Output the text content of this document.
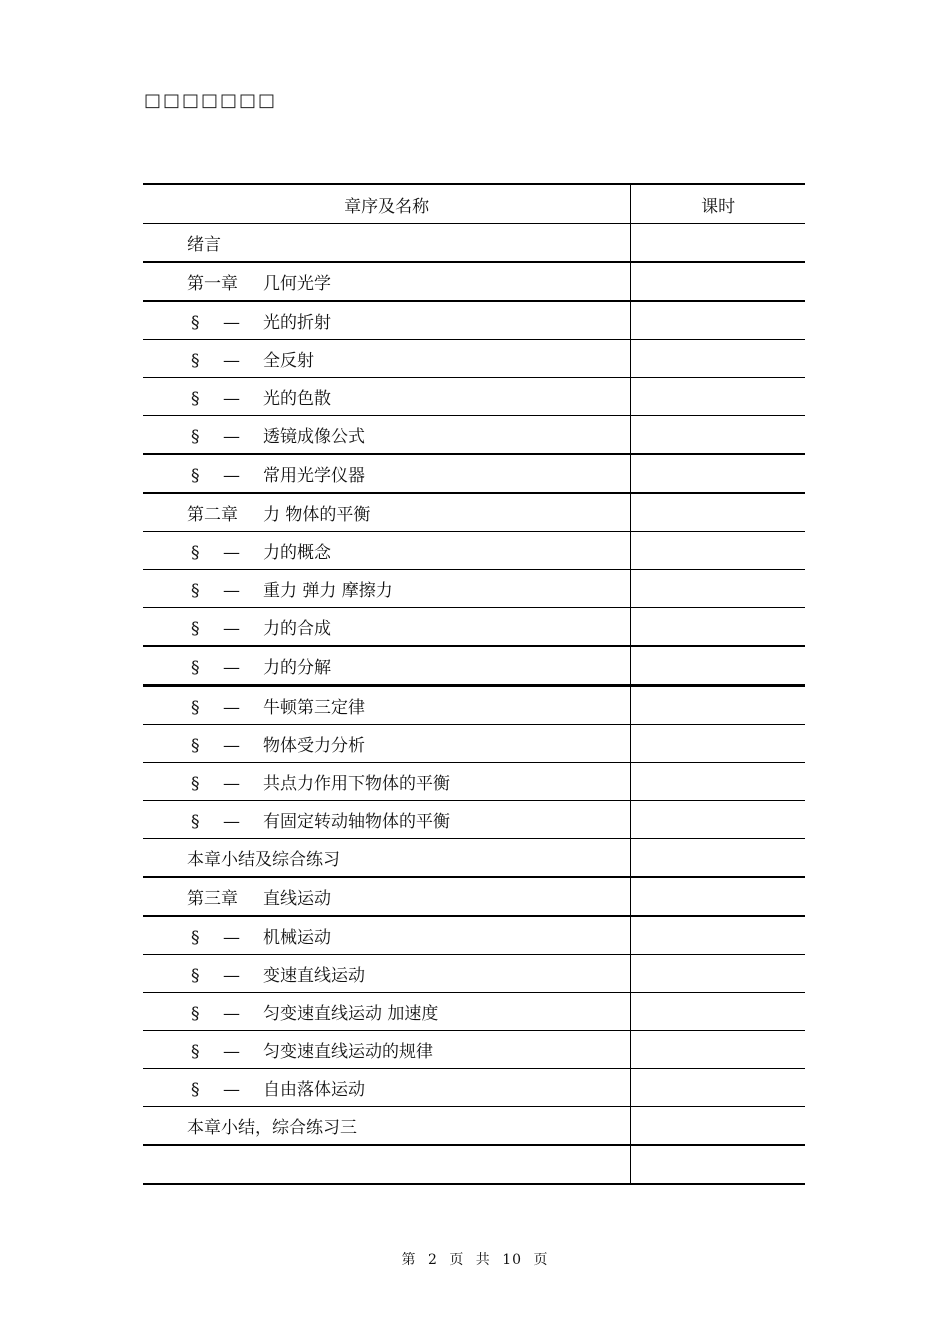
□□□□□□□
章序及名称	课时
绪言	
第一章 几何光学	
§ — 光的折射	
§ — 全反射	
§ — 光的色散	
§ — 透镜成像公式	
§ — 常用光学仪器	
第二章 力 物体的平衡	
§ — 力的概念	
§ — 重力 弹力 摩擦力	
§ — 力的合成	
§ — 力的分解	
§ — 牛顿第三定律	
§ — 物体受力分析	
§ — 共点力作用下物体的平衡	
§ — 有固定转动轴物体的平衡	
本章小结及综合练习	
第三章 直线运动	
§ — 机械运动	
§ — 变速直线运动	
§ — 匀变速直线运动 加速度	
§ — 匀变速直线运动的规律	
§ — 自由落体运动	
本章小结，综合练习三	

第 2 页 共 10 页
